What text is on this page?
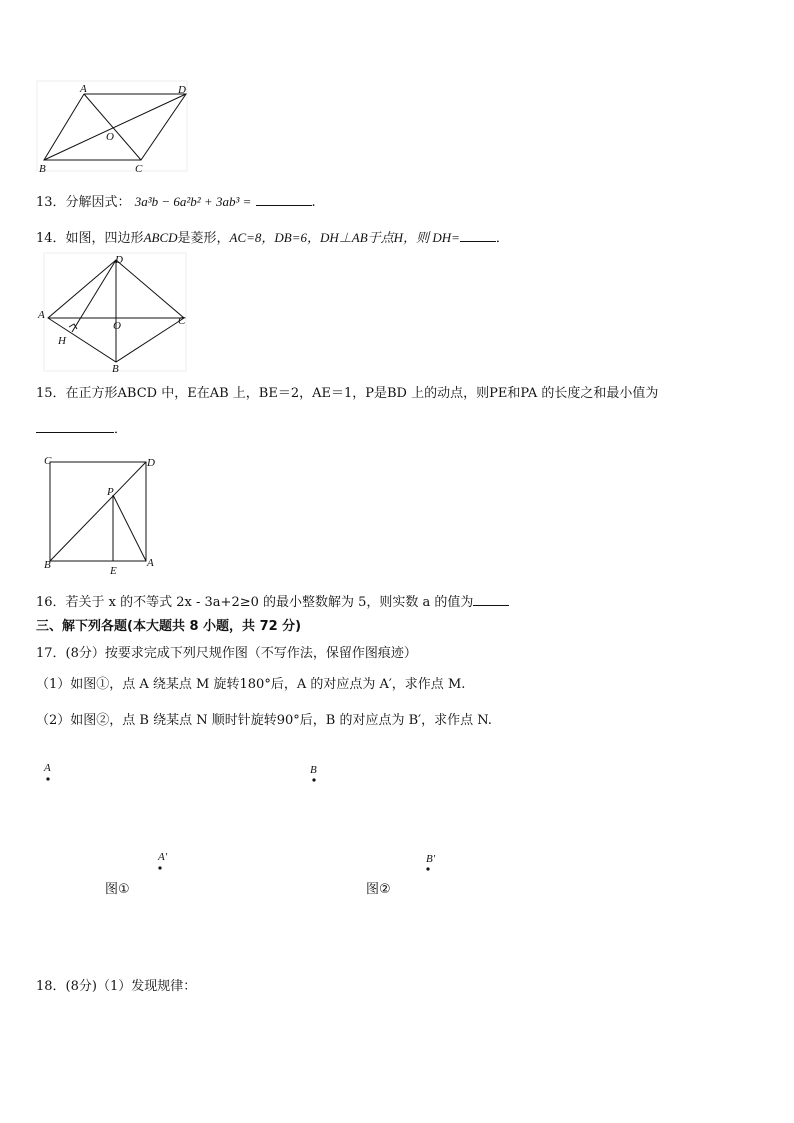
A	D
O
B	C
13．分解因式： 3a³b − 6a²b² + 3ab³ =	.
14．如图，四边形ABCD是菱形，AC=8，DB=6，DH⊥AB于点H，则 DH=	．
D
A	C
O
H
B
15．在正方形ABCD 中，E在AB 上，BE＝2，AE＝1，P是BD 上的动点，则PE和PA 的长度之和最小值为
．
C	D
P
B	A
E
16．若关于 x 的不等式 2x - 3a+2≥0 的最小整数解为 5，则实数 a 的值为
三、解下列各题(本大题共 8 小题，共 72 分)
17．(8分）按要求完成下列尺规作图（不写作法，保留作图痕迹）
（1）如图①，点 A 绕某点 M 旋转180°后，A 的对应点为 A′，求作点 M.
（2）如图②，点 B 绕某点 N 顺时针旋转90°后，B 的对应点为 B′，求作点 N.
A	B
A′	B′
图①	图②
18．(8分)（1）发现规律：
